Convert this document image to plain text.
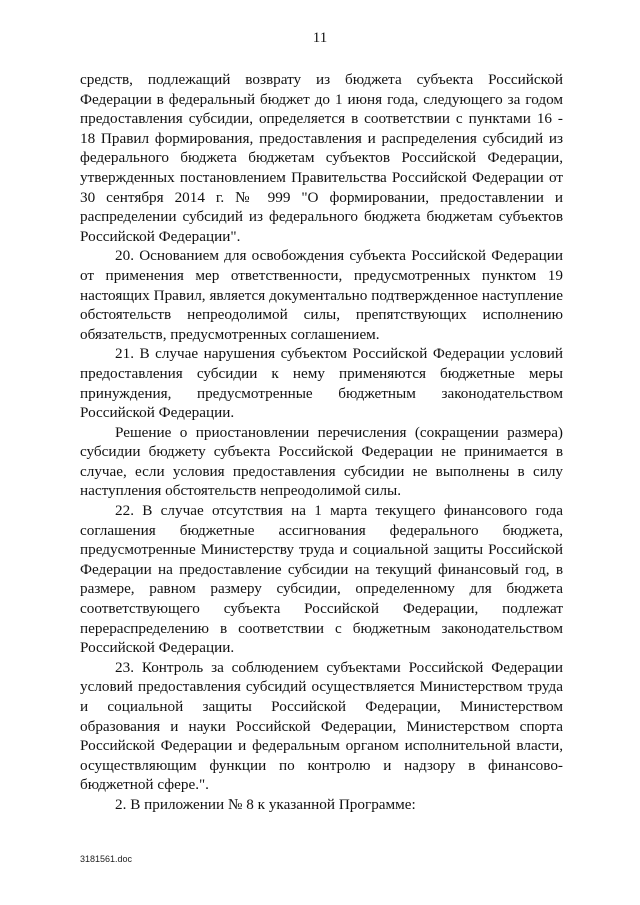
11

средств, подлежащий возврату из бюджета субъекта Российской Федерации в федеральный бюджет до 1 июня года, следующего за годом предоставления субсидии, определяется в соответствии с пунктами 16 - 18 Правил формирования, предоставления и распределения субсидий из федерального бюджета бюджетам субъектов Российской Федерации, утвержденных постановлением Правительства Российской Федерации от 30 сентября 2014 г. № 999 "О формировании, предоставлении и распределении субсидий из федерального бюджета бюджетам субъектов Российской Федерации".

20. Основанием для освобождения субъекта Российской Федерации от применения мер ответственности, предусмотренных пунктом 19 настоящих Правил, является документально подтвержденное наступление обстоятельств непреодолимой силы, препятствующих исполнению обязательств, предусмотренных соглашением.

21. В случае нарушения субъектом Российской Федерации условий предоставления субсидии к нему применяются бюджетные меры принуждения, предусмотренные бюджетным законодательством Российской Федерации.

Решение о приостановлении перечисления (сокращении размера) субсидии бюджету субъекта Российской Федерации не принимается в случае, если условия предоставления субсидии не выполнены в силу наступления обстоятельств непреодолимой силы.

22. В случае отсутствия на 1 марта текущего финансового года соглашения бюджетные ассигнования федерального бюджета, предусмотренные Министерству труда и социальной защиты Российской Федерации на предоставление субсидии на текущий финансовый год, в размере, равном размеру субсидии, определенному для бюджета соответствующего субъекта Российской Федерации, подлежат перераспределению в соответствии с бюджетным законодательством Российской Федерации.

23. Контроль за соблюдением субъектами Российской Федерации условий предоставления субсидий осуществляется Министерством труда и социальной защиты Российской Федерации, Министерством образования и науки Российской Федерации, Министерством спорта Российской Федерации и федеральным органом исполнительной власти, осуществляющим функции по контролю и надзору в финансово-бюджетной сфере.".

2. В приложении № 8 к указанной Программе:

3181561.doc
